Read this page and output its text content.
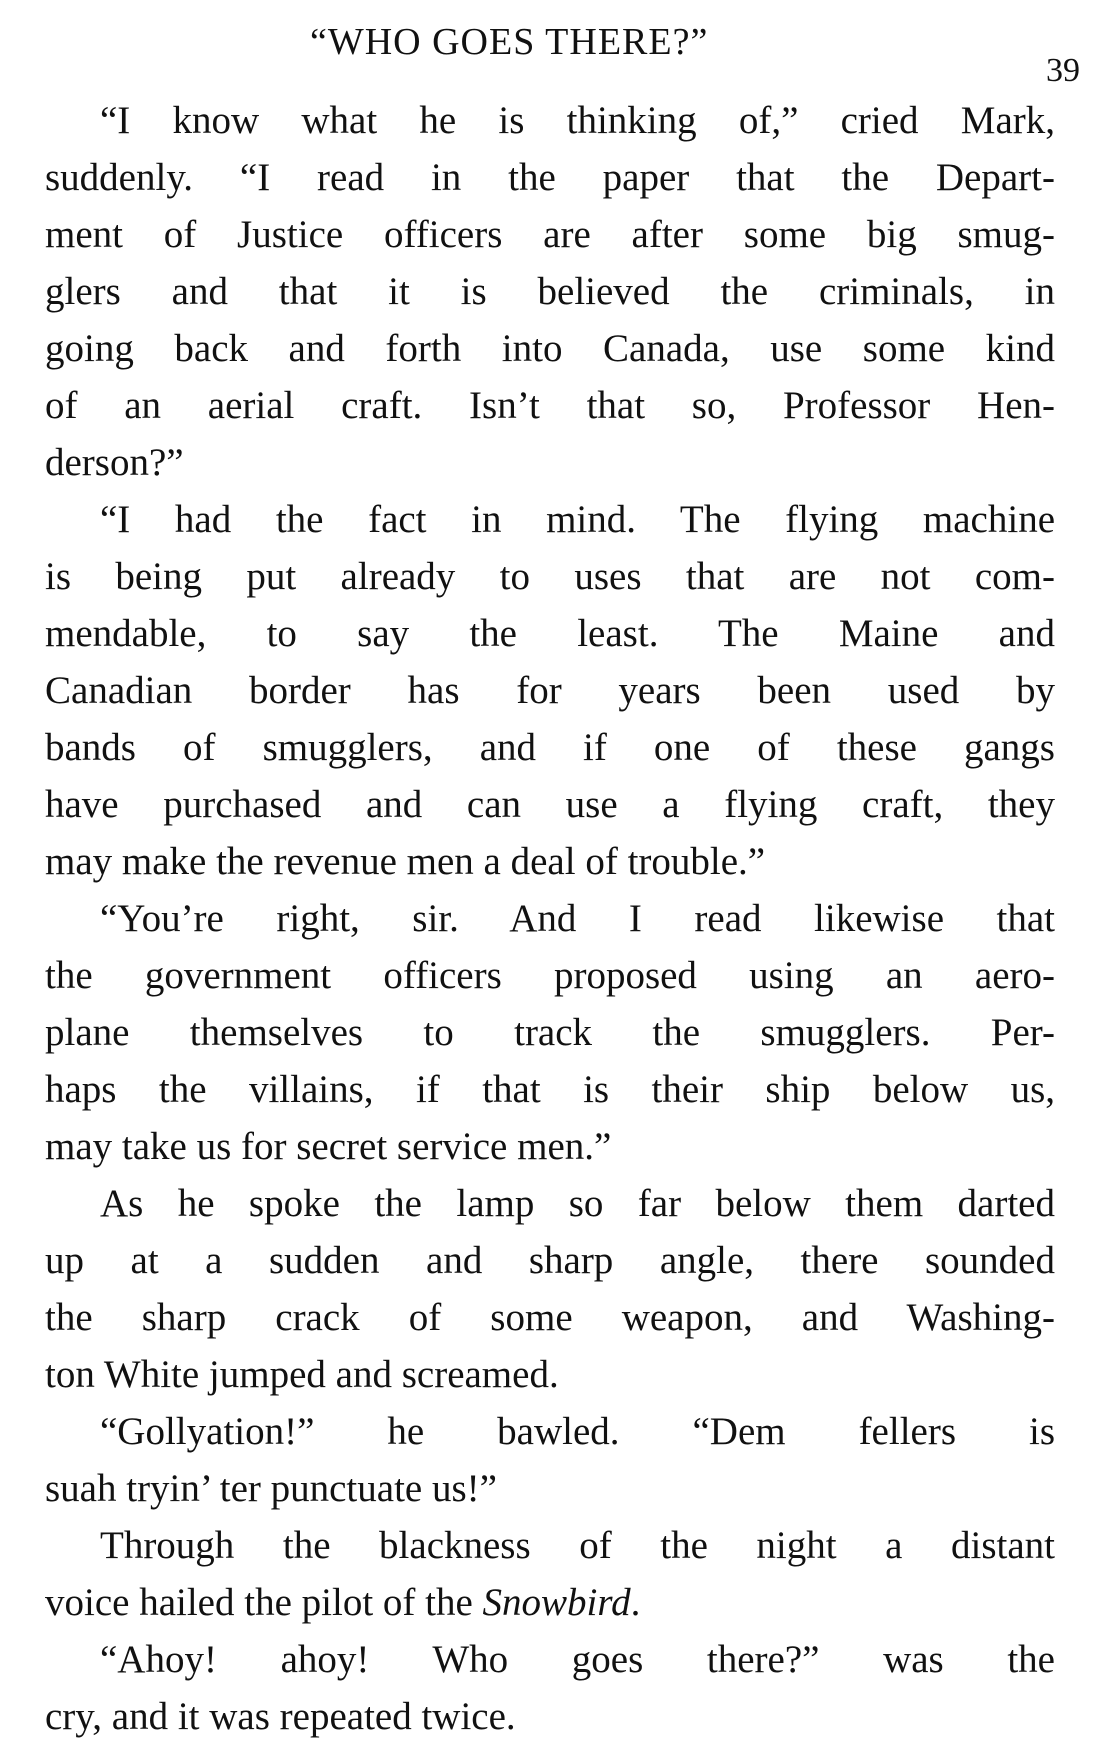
“WHO GOES THERE?”
39
“I know what he is thinking of,” cried Mark,
suddenly. “I read in the paper that the Depart-
ment of Justice officers are after some big smug-
glers and that it is believed the criminals, in
going back and forth into Canada, use some kind
of an aerial craft. Isn’t that so, Professor Hen-
derson?”
“I had the fact in mind. The flying machine
is being put already to uses that are not com-
mendable, to say the least. The Maine and
Canadian border has for years been used by
bands of smugglers, and if one of these gangs
have purchased and can use a flying craft, they
may make the revenue men a deal of trouble.”
“You’re right, sir. And I read likewise that
the government officers proposed using an aero-
plane themselves to track the smugglers. Per-
haps the villains, if that is their ship below us,
may take us for secret service men.”
As he spoke the lamp so far below them darted
up at a sudden and sharp angle, there sounded
the sharp crack of some weapon, and Washing-
ton White jumped and screamed.
“Gollyation!” he bawled. “Dem fellers is
suah tryin’ ter punctuate us!”
Through the blackness of the night a distant
voice hailed the pilot of the Snowbird.
“Ahoy! ahoy! Who goes there?” was the
cry, and it was repeated twice.
